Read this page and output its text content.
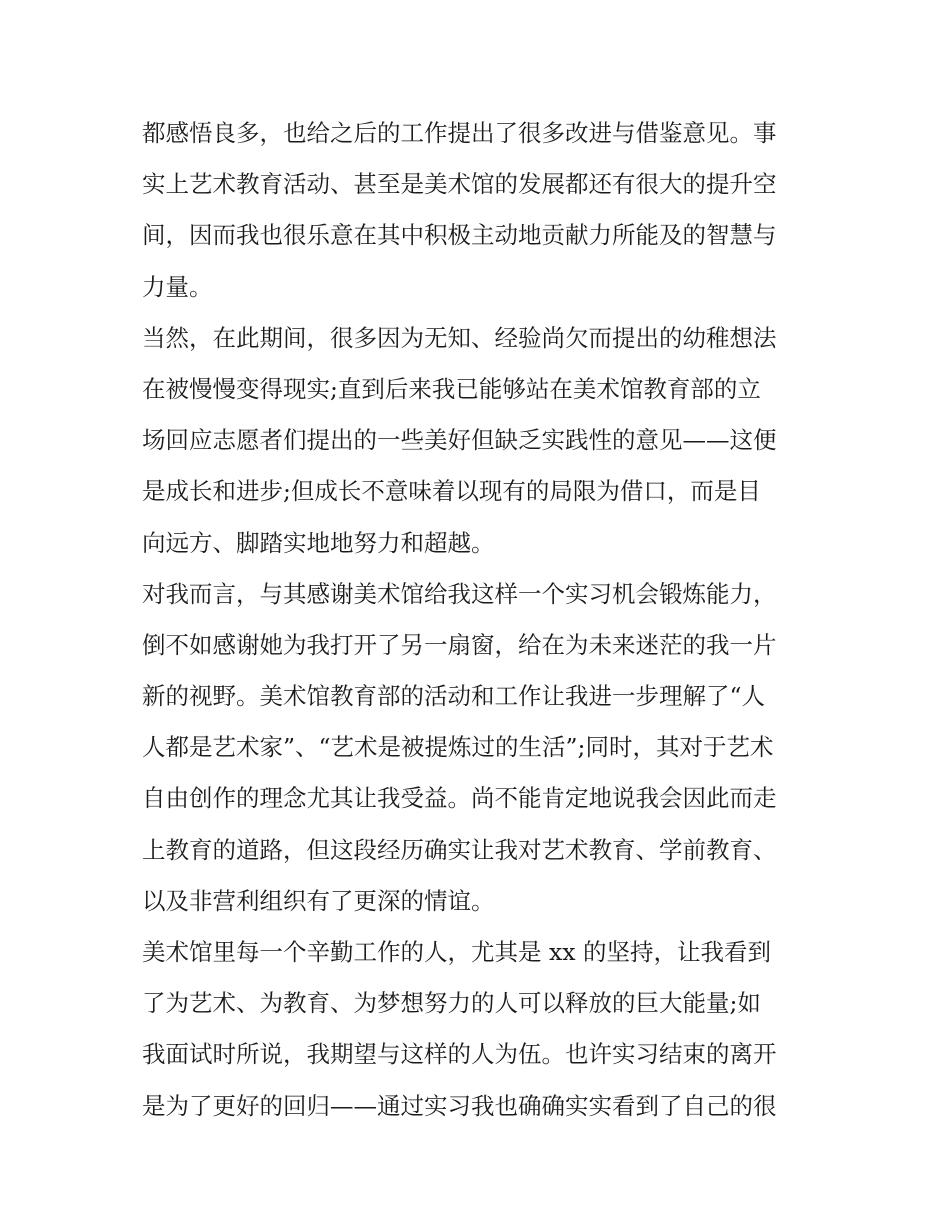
都感悟良多，也给之后的工作提出了很多改进与借鉴意见。事
实上艺术教育活动、甚至是美术馆的发展都还有很大的提升空
间，因而我也很乐意在其中积极主动地贡献力所能及的智慧与
力量。
当然，在此期间，很多因为无知、经验尚欠而提出的幼稚想法
在被慢慢变得现实;直到后来我已能够站在美术馆教育部的立
场回应志愿者们提出的一些美好但缺乏实践性的意见——这便
是成长和进步;但成长不意味着以现有的局限为借口，而是目
向远方、脚踏实地地努力和超越。
对我而言，与其感谢美术馆给我这样一个实习机会锻炼能力，
倒不如感谢她为我打开了另一扇窗，给在为未来迷茫的我一片
新的视野。美术馆教育部的活动和工作让我进一步理解了“人
人都是艺术家”、“艺术是被提炼过的生活”;同时，其对于艺术
自由创作的理念尤其让我受益。尚不能肯定地说我会因此而走
上教育的道路，但这段经历确实让我对艺术教育、学前教育、
以及非营利组织有了更深的情谊。
美术馆里每一个辛勤工作的人，尤其是 xx 的坚持，让我看到
了为艺术、为教育、为梦想努力的人可以释放的巨大能量;如
我面试时所说，我期望与这样的人为伍。也许实习结束的离开
是为了更好的回归——通过实习我也确确实实看到了自己的很
